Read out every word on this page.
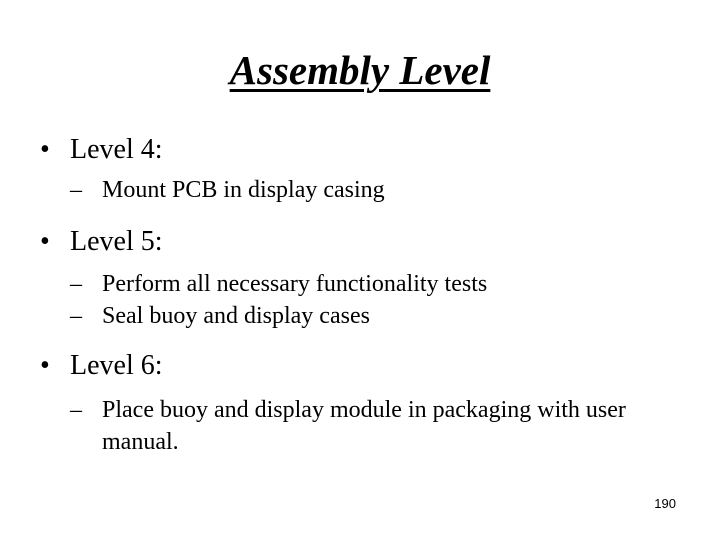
Assembly Level
• Level 4:
– Mount PCB in display casing
• Level 5:
– Perform all necessary functionality tests
– Seal buoy and display cases
• Level 6:
– Place buoy and display module in packaging with user manual.
190
